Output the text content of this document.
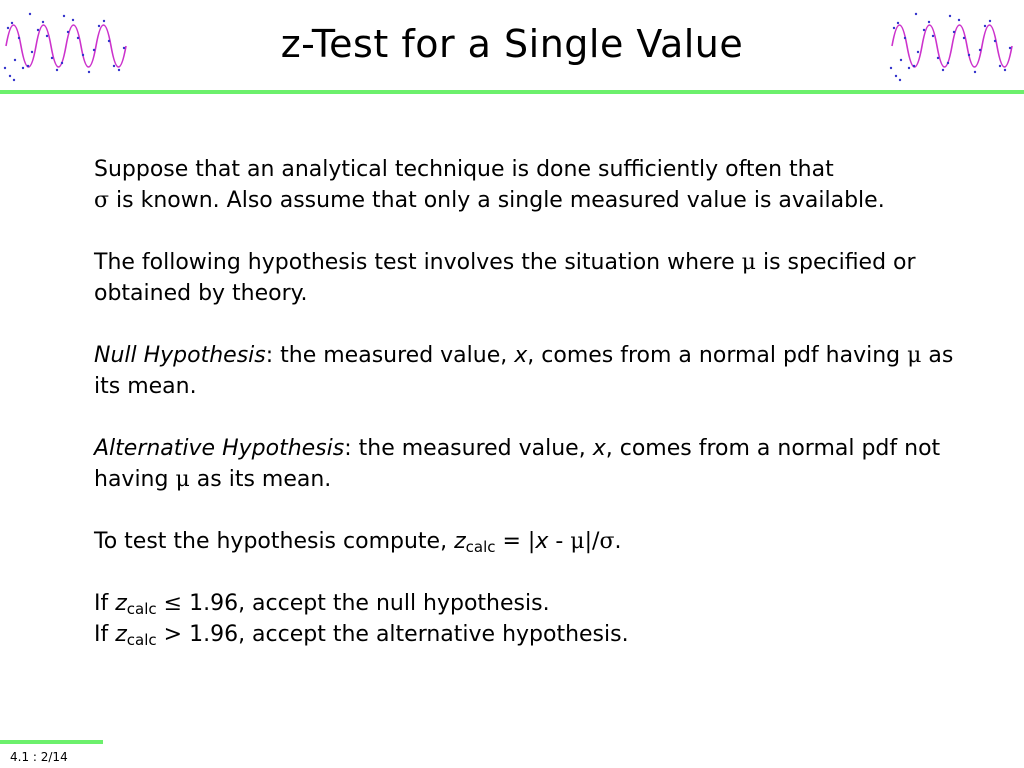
z-Test for a Single Value

Suppose that an analytical technique is done sufficiently often that
σ is known. Also assume that only a single measured value is available.

The following hypothesis test involves the situation where μ is specified or obtained by theory.

Null Hypothesis: the measured value, x, comes from a normal pdf having μ as its mean.

Alternative Hypothesis: the measured value, x, comes from a normal pdf not having μ as its mean.

To test the hypothesis compute, $z_{calc} = |x - \mu|/\sigma$.

If $z_{calc} \le 1.96$, accept the null hypothesis.

If $z_{calc} > 1.96$, accept the alternative hypothesis.

4.1 : 2/14
